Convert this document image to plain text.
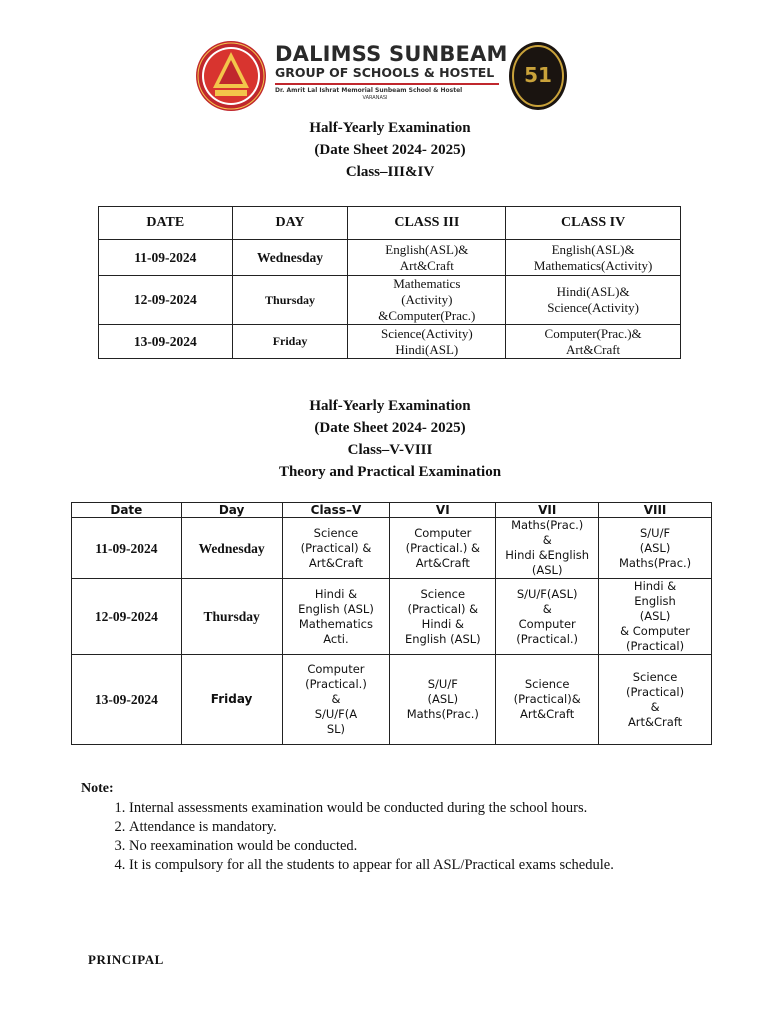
DALIMSS SUNBEAM
GROUP OF SCHOOLS & HOSTEL
Dr. Amrit Lal Ishrat Memorial Sunbeam School & Hostel
VARANASI
51
Half-Yearly Examination
(Date Sheet 2024- 2025)
Class–III&IV
DATE	DAY	CLASS III	CLASS IV
11-09-2024	Wednesday	English(ASL)&
Art&Craft	English(ASL)&
Mathematics(Activity)

12-09-2024	Thursday	Mathematics
(Activity)
&Computer(Prac.)	Hindi(ASL)&
Science(Activity)

13-09-2024	Friday	Science(Activity)
Hindi(ASL)	Computer(Prac.)&
Art&Craft
Half-Yearly Examination
(Date Sheet 2024- 2025)
Class–V-VIII
Theory and Practical Examination
Date	Day	Class–V	VI	VII	VIII
11-09-2024	Wednesday	Science
(Practical) &
Art&Craft	Computer
(Practical.) &
Art&Craft	Maths(Prac.)
&
Hindi &English
(ASL)	S/U/F
(ASL)
Maths(Prac.)

12-09-2024	Thursday	Hindi &
English (ASL)
Mathematics
Acti.	Science
(Practical) &
Hindi &
English (ASL)	S/U/F(ASL)
&
Computer
(Practical.)	Hindi &
English
(ASL)
& Computer
(Practical)

13-09-2024	Friday	Computer
(Practical.)
&
S/U/F(A
SL)	S/U/F
(ASL)
Maths(Prac.)	Science
(Practical)&
Art&Craft	Science
(Practical)
&
Art&Craft
Note:
1. Internal assessments examination would be conducted during the school hours.
2. Attendance is mandatory.
3. No reexamination would be conducted.
4. It is compulsory for all the students to appear for all ASL/Practical exams schedule.
PRINCIPAL
